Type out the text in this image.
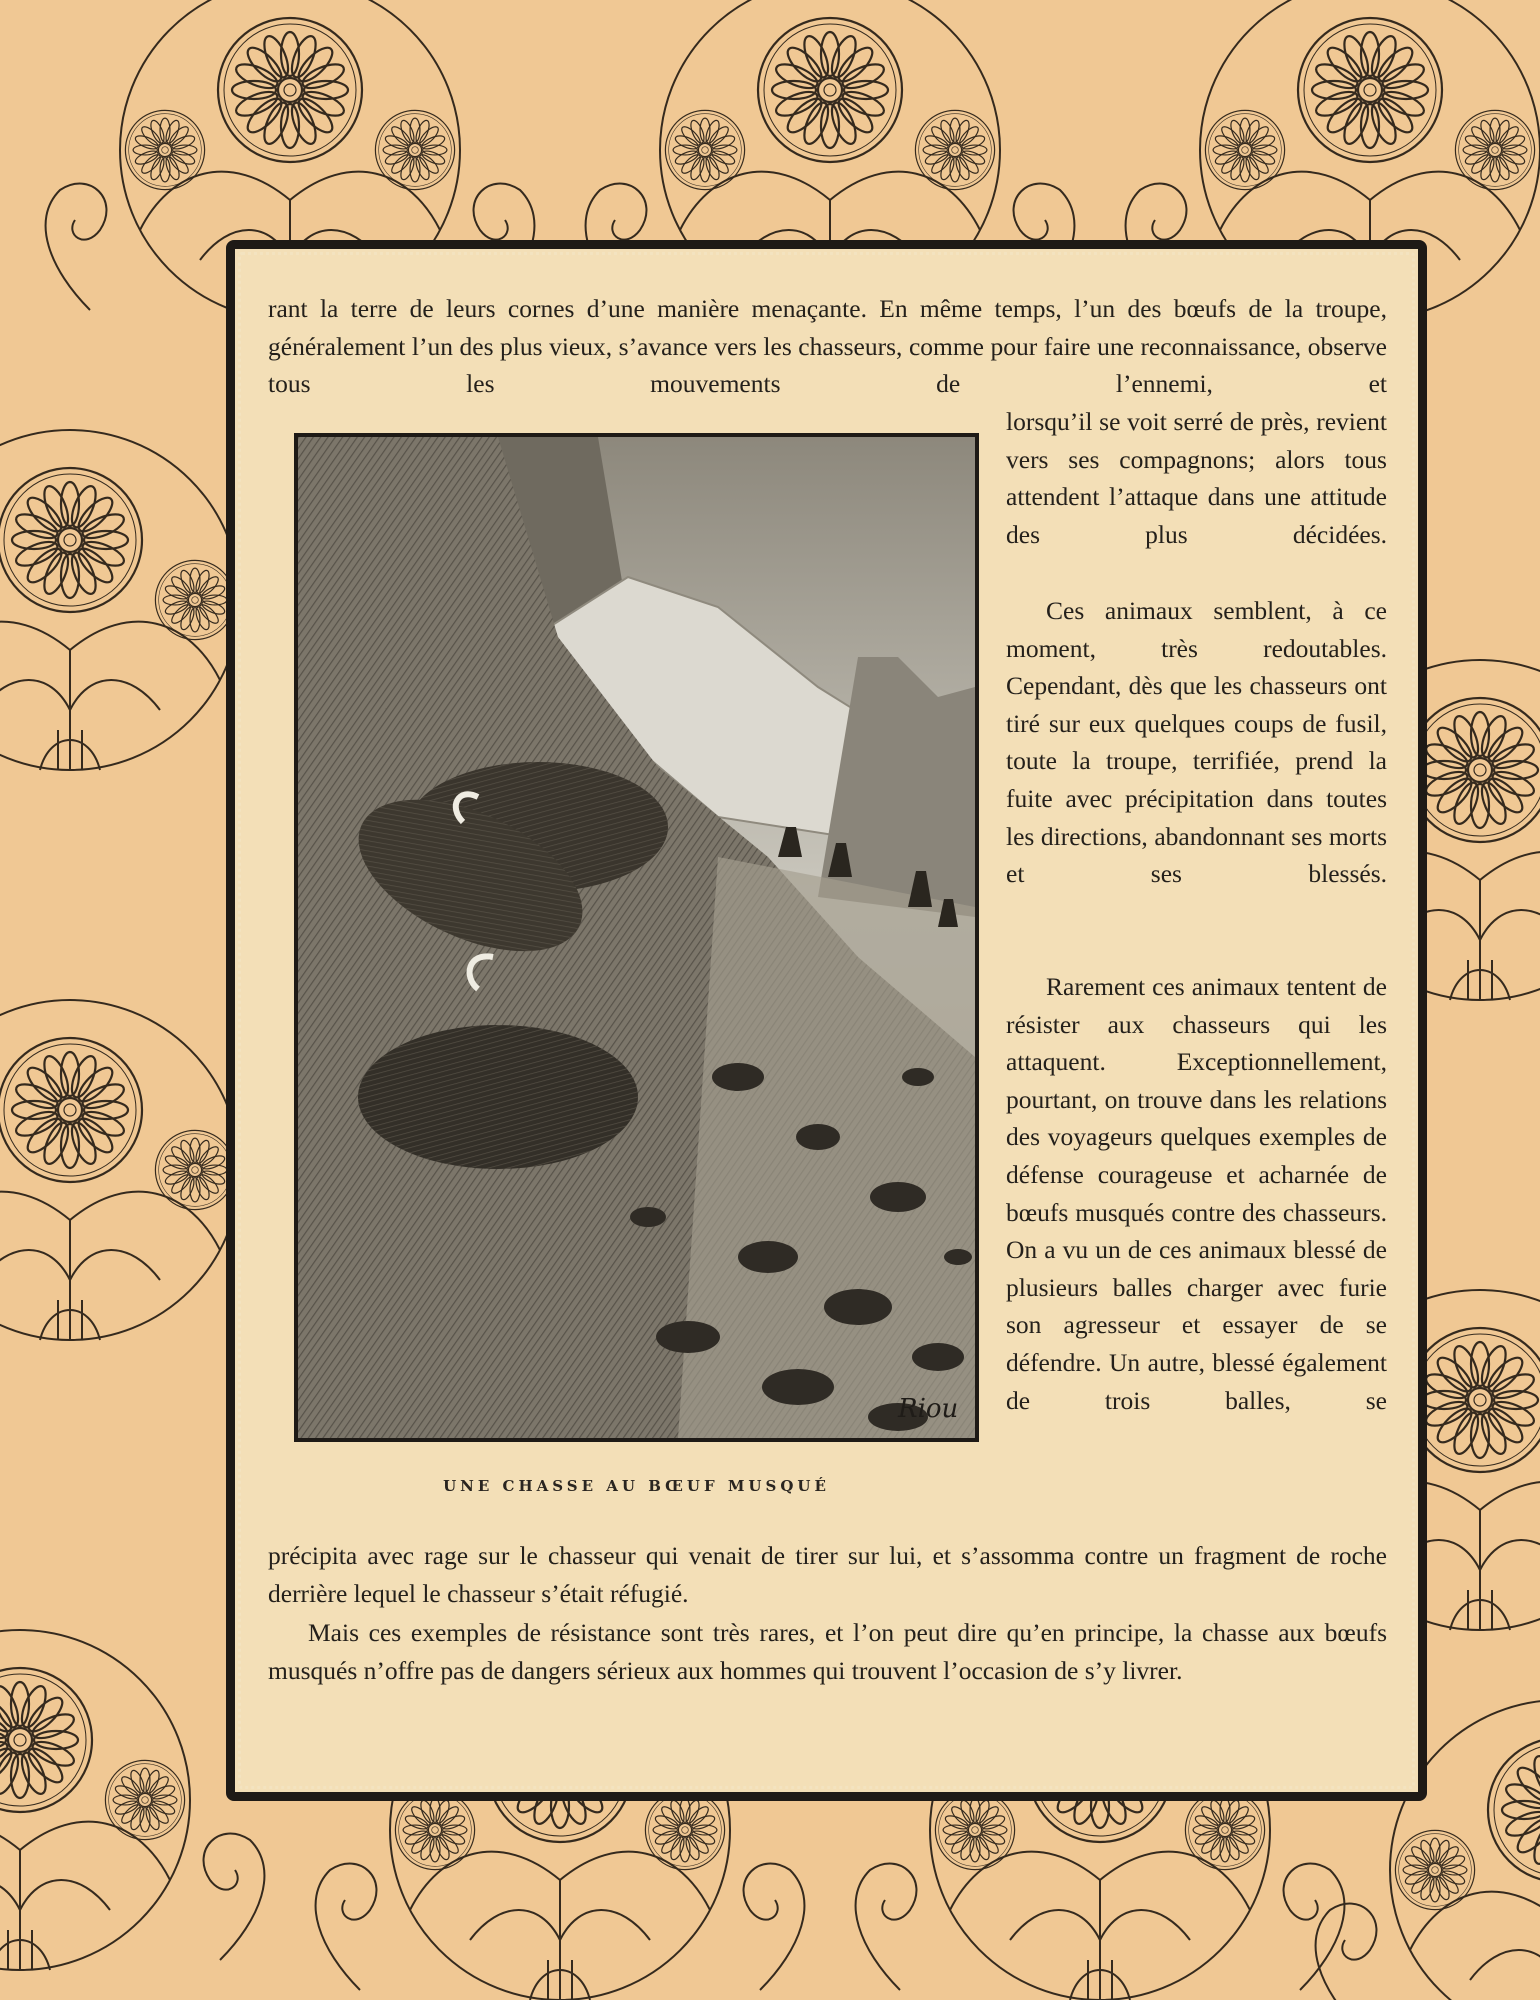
rant la terre de leurs cornes d’une manière menaçante. En même temps, l’un des bœufs de la troupe, généralement l’un des plus vieux, s’avance vers les chasseurs, comme pour faire une reconnaissance, observe tous les mouvements de l’ennemi, et

lorsqu’il se voit serré de près, revient vers ses compagnons; alors tous attendent l’attaque dans une attitude des plus décidées.

Ces animaux semblent, à ce moment, très redoutables. Cependant, dès que les chasseurs ont tiré sur eux quelques coups de fusil, toute la troupe, terrifiée, prend la fuite avec précipitation dans toutes les directions, abandonnant ses morts et ses blessés.

Rarement ces animaux tentent de résister aux chasseurs qui les attaquent. Exceptionnellement, pourtant, on trouve dans les relations des voyageurs quelques exemples de défense courageuse et acharnée de bœufs musqués contre des chasseurs. On a vu un de ces animaux blessé de plusieurs balles charger avec furie son agresseur et essayer de se défendre. Un autre, blessé également de trois balles, se

précipita avec rage sur le chasseur qui venait de tirer sur lui, et s’assomma contre un fragment de roche derrière lequel le chasseur s’était réfugié.

Mais ces exemples de résistance sont très rares, et l’on peut dire qu’en principe, la chasse aux bœufs musqués n’offre pas de dangers sérieux aux hommes qui trouvent l’occasion de s’y livrer.

Riou

UNE CHASSE AU BŒUF MUSQUÉ
